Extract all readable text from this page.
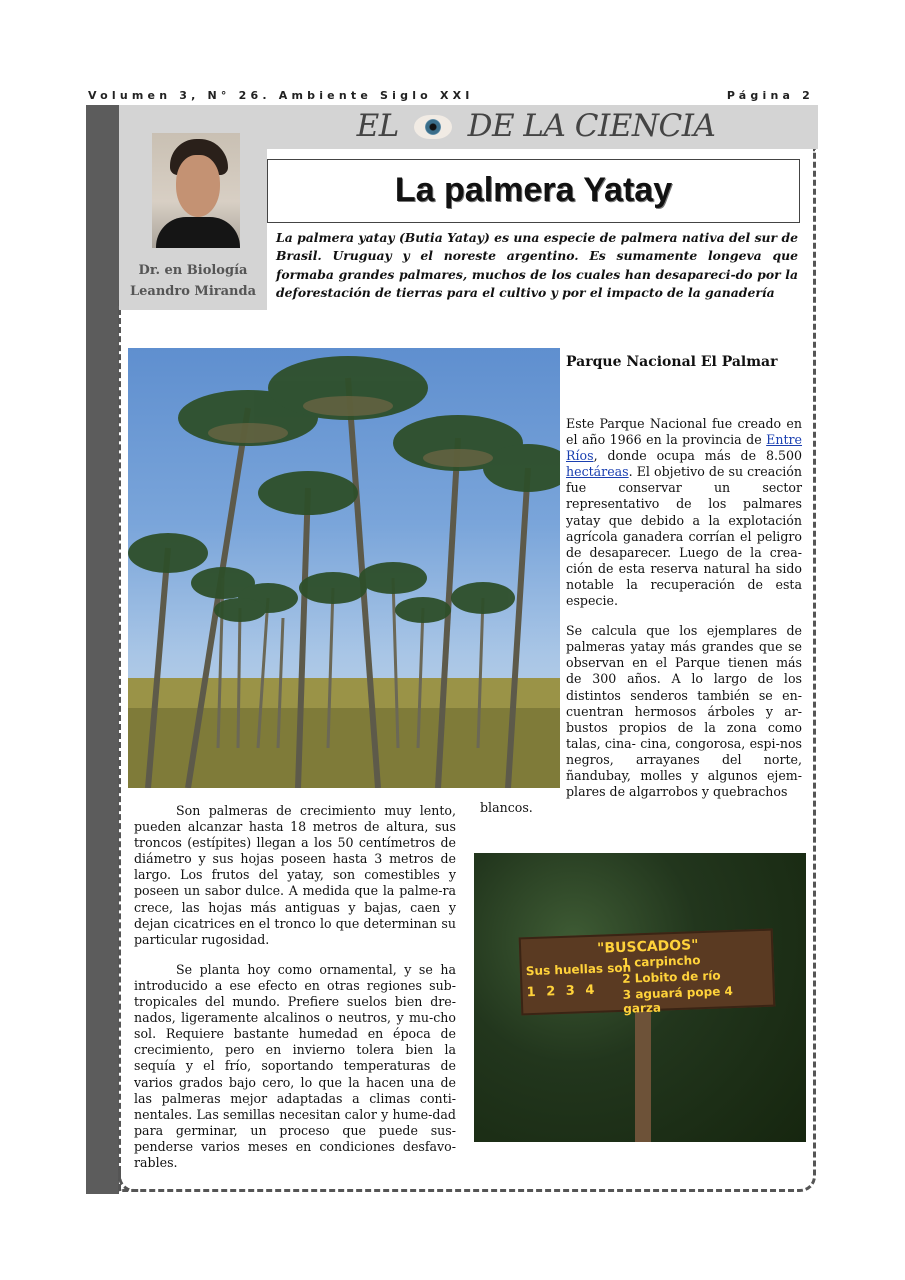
Volumen 3, N° 26. Ambiente Siglo XXI	Página 2
EL DE LA CIENCIA
Dr. en Biología
Leandro Miranda
La palmera Yatay
La palmera yatay (Butia Yatay) es una especie de palmera nativa del sur de Brasil. Uruguay y el noreste argentino. Es sumamente longeva que formaba grandes palmares, muchos de los cuales han desapareci-do por la deforestación de tierras para el cultivo y por el impacto de la ganadería
Parque Nacional El Palmar

Este Parque Nacional fue creado en el año 1966 en la provincia de Entre Ríos, donde ocupa más de 8.500 hectáreas. El objetivo de su creación fue conservar un sector representativo de los palmares yatay que debido a la explotación agrícola ganadera corrían el peligro de desaparecer. Luego de la crea-ción de esta reserva natural ha sido notable la recuperación de esta especie.

Se calcula que los ejemplares de palmeras yatay más grandes que se observan en el Parque tienen más de 300 años. A lo largo de los distintos senderos también se en-cuentran hermosos árboles y ar-bustos propios de la zona como talas, cina- cina, congorosa, espi-nos negros, arrayanes del norte, ñandubay, molles y algunos ejem-plares de algarrobos y quebrachos

blancos.

Son palmeras de crecimiento muy lento, pueden alcanzar hasta 18 metros de altura, sus troncos (estípites) llegan a los 50 centímetros de diámetro y sus hojas poseen hasta 3 metros de largo. Los frutos del yatay, son comestibles y poseen un sabor dulce. A medida que la palme-ra crece, las hojas más antiguas y bajas, caen y dejan cicatrices en el tronco lo que determinan su particular rugosidad.

Se planta hoy como ornamental, y se ha introducido a ese efecto en otras regiones sub-tropicales del mundo. Prefiere suelos bien dre-nados, ligeramente alcalinos o neutros, y mu-cho sol. Requiere bastante humedad en época de crecimiento, pero en invierno tolera bien la sequía y el frío, soportando temperaturas de varios grados bajo cero, lo que la hacen una de las palmeras mejor adaptadas a climas conti-nentales. Las semillas necesitan calor y hume-dad para germinar, un proceso que puede sus-penderse varios meses en condiciones desfavo-rables.

"BUSCADOS"
Sus huellas son
1 carpincho
2 Lobito de río
3 aguará pope 4 garza
1 2 3 4
